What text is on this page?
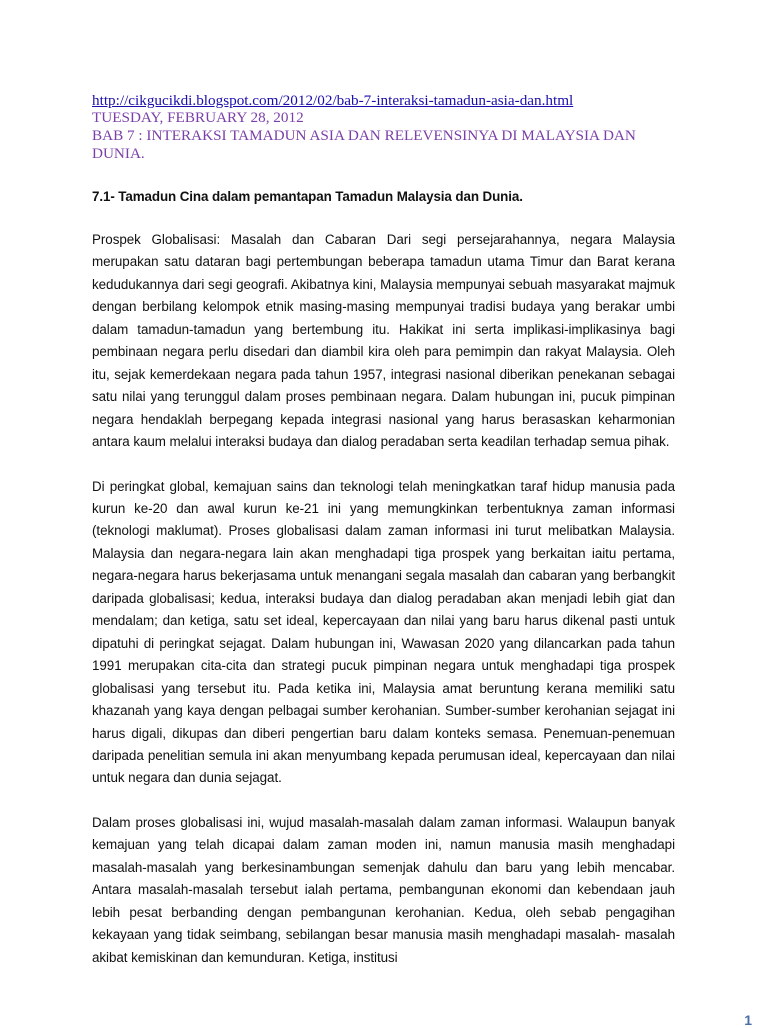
http://cikgucikdi.blogspot.com/2012/02/bab-7-interaksi-tamadun-asia-dan.html

TUESDAY, FEBRUARY 28, 2012

BAB 7 : INTERAKSI TAMADUN ASIA DAN RELEVENSINYA DI MALAYSIA DAN DUNIA.

7.1- Tamadun Cina dalam pemantapan Tamadun Malaysia dan Dunia.

Prospek Globalisasi: Masalah dan Cabaran Dari segi persejarahannya, negara Malaysia merupakan satu dataran bagi pertembungan beberapa tamadun utama Timur dan Barat kerana kedudukannya dari segi geografi. Akibatnya kini, Malaysia mempunyai sebuah masyarakat majmuk dengan berbilang kelompok etnik masing-masing mempunyai tradisi budaya yang berakar umbi dalam tamadun-tamadun yang bertembung itu. Hakikat ini serta implikasi-implikasinya bagi pembinaan negara perlu disedari dan diambil kira oleh para pemimpin dan rakyat Malaysia. Oleh itu, sejak kemerdekaan negara pada tahun 1957, integrasi nasional diberikan penekanan sebagai satu nilai yang terunggul dalam proses pembinaan negara. Dalam hubungan ini, pucuk pimpinan negara hendaklah berpegang kepada integrasi nasional yang harus berasaskan keharmonian antara kaum melalui interaksi budaya dan dialog peradaban serta keadilan terhadap semua pihak.

Di peringkat global, kemajuan sains dan teknologi telah meningkatkan taraf hidup manusia pada kurun ke-20 dan awal kurun ke-21 ini yang memungkinkan terbentuknya zaman informasi (teknologi maklumat). Proses globalisasi dalam zaman informasi ini turut melibatkan Malaysia. Malaysia dan negara-negara lain akan menghadapi tiga prospek yang berkaitan iaitu pertama, negara-negara harus bekerjasama untuk menangani segala masalah dan cabaran yang berbangkit daripada globalisasi; kedua, interaksi budaya dan dialog peradaban akan menjadi lebih giat dan mendalam; dan ketiga, satu set ideal, kepercayaan dan nilai yang baru harus dikenal pasti untuk dipatuhi di peringkat sejagat. Dalam hubungan ini, Wawasan 2020 yang dilancarkan pada tahun 1991 merupakan cita-cita dan strategi pucuk pimpinan negara untuk menghadapi tiga prospek globalisasi yang tersebut itu. Pada ketika ini, Malaysia amat beruntung kerana memiliki satu khazanah yang kaya dengan pelbagai sumber kerohanian. Sumber-sumber kerohanian sejagat ini harus digali, dikupas dan diberi pengertian baru dalam konteks semasa. Penemuan-penemuan daripada penelitian semula ini akan menyumbang kepada perumusan ideal, kepercayaan dan nilai untuk negara dan dunia sejagat.

Dalam proses globalisasi ini, wujud masalah-masalah dalam zaman informasi. Walaupun banyak kemajuan yang telah dicapai dalam zaman moden ini, namun manusia masih menghadapi masalah-masalah yang berkesinambungan semenjak dahulu dan baru yang lebih mencabar. Antara masalah-masalah tersebut ialah pertama, pembangunan ekonomi dan kebendaan jauh lebih pesat berbanding dengan pembangunan kerohanian. Kedua, oleh sebab pengagihan kekayaan yang tidak seimbang, sebilangan besar manusia masih menghadapi masalah- masalah akibat kemiskinan dan kemunduran. Ketiga, institusi

1
